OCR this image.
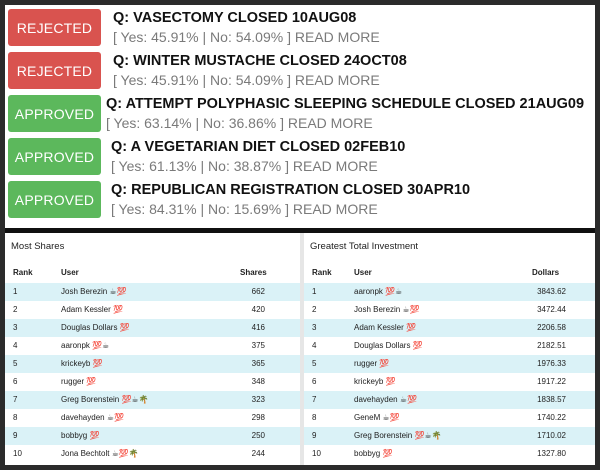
REJECTED
Q: VASECTOMY CLOSED 10AUG08
[ Yes: 45.91% | No: 54.09% ] READ MORE
REJECTED
Q: WINTER MUSTACHE CLOSED 24OCT08
[ Yes: 45.91% | No: 54.09% ] READ MORE
APPROVED
Q: ATTEMPT POLYPHASIC SLEEPING SCHEDULE CLOSED 21AUG09
[ Yes: 63.14% | No: 36.86% ] READ MORE
APPROVED
Q: A VEGETARIAN DIET CLOSED 02FEB10
[ Yes: 61.13% | No: 38.87% ] READ MORE
APPROVED
Q: REPUBLICAN REGISTRATION CLOSED 30APR10
[ Yes: 84.31% | No: 15.69% ] READ MORE
Most Shares
Rank	User	Shares
1	Josh Berezin ☕💯	662
2	Adam Kessler 💯	420
3	Douglas Dollars 💯	416
4	aaronpk 💯☕	375
5	krickeyb 💯	365
6	rugger 💯	348
7	Greg Borenstein 💯☕🌴	323
8	davehayden ☕💯	298
9	bobbyg 💯	250
10	Jona Bechtolt ☕💯🌴	244
Greatest Total Investment
Rank	User	Dollars
1	aaronpk 💯☕	3843.62
2	Josh Berezin ☕💯	3472.44
3	Adam Kessler 💯	2206.58
4	Douglas Dollars 💯	2182.51
5	rugger 💯	1976.33
6	krickeyb 💯	1917.22
7	davehayden ☕💯	1838.57
8	GeneM ☕💯	1740.22
9	Greg Borenstein 💯☕🌴	1710.02
10	bobbyg 💯	1327.80
